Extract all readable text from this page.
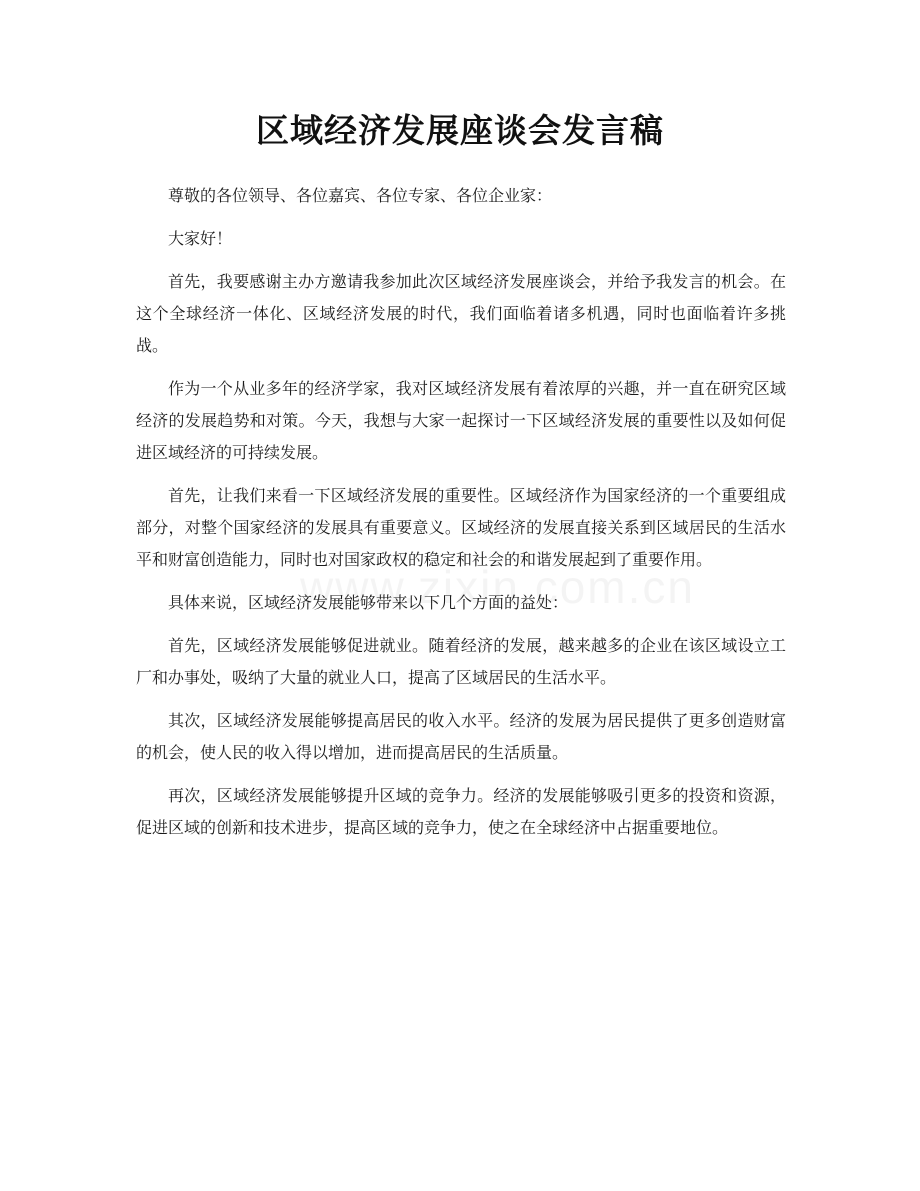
区域经济发展座谈会发言稿

尊敬的各位领导、各位嘉宾、各位专家、各位企业家：

大家好！

首先，我要感谢主办方邀请我参加此次区域经济发展座谈会，并给予我发言的机会。在这个全球经济一体化、区域经济发展的时代，我们面临着诸多机遇，同时也面临着许多挑战。

作为一个从业多年的经济学家，我对区域经济发展有着浓厚的兴趣，并一直在研究区域经济的发展趋势和对策。今天，我想与大家一起探讨一下区域经济发展的重要性以及如何促进区域经济的可持续发展。

首先，让我们来看一下区域经济发展的重要性。区域经济作为国家经济的一个重要组成部分，对整个国家经济的发展具有重要意义。区域经济的发展直接关系到区域居民的生活水平和财富创造能力，同时也对国家政权的稳定和社会的和谐发展起到了重要作用。

具体来说，区域经济发展能够带来以下几个方面的益处：

首先，区域经济发展能够促进就业。随着经济的发展，越来越多的企业在该区域设立工厂和办事处，吸纳了大量的就业人口，提高了区域居民的生活水平。

其次，区域经济发展能够提高居民的收入水平。经济的发展为居民提供了更多创造财富的机会，使人民的收入得以增加，进而提高居民的生活质量。

再次，区域经济发展能够提升区域的竞争力。经济的发展能够吸引更多的投资和资源，促进区域的创新和技术进步，提高区域的竞争力，使之在全球经济中占据重要地位。
